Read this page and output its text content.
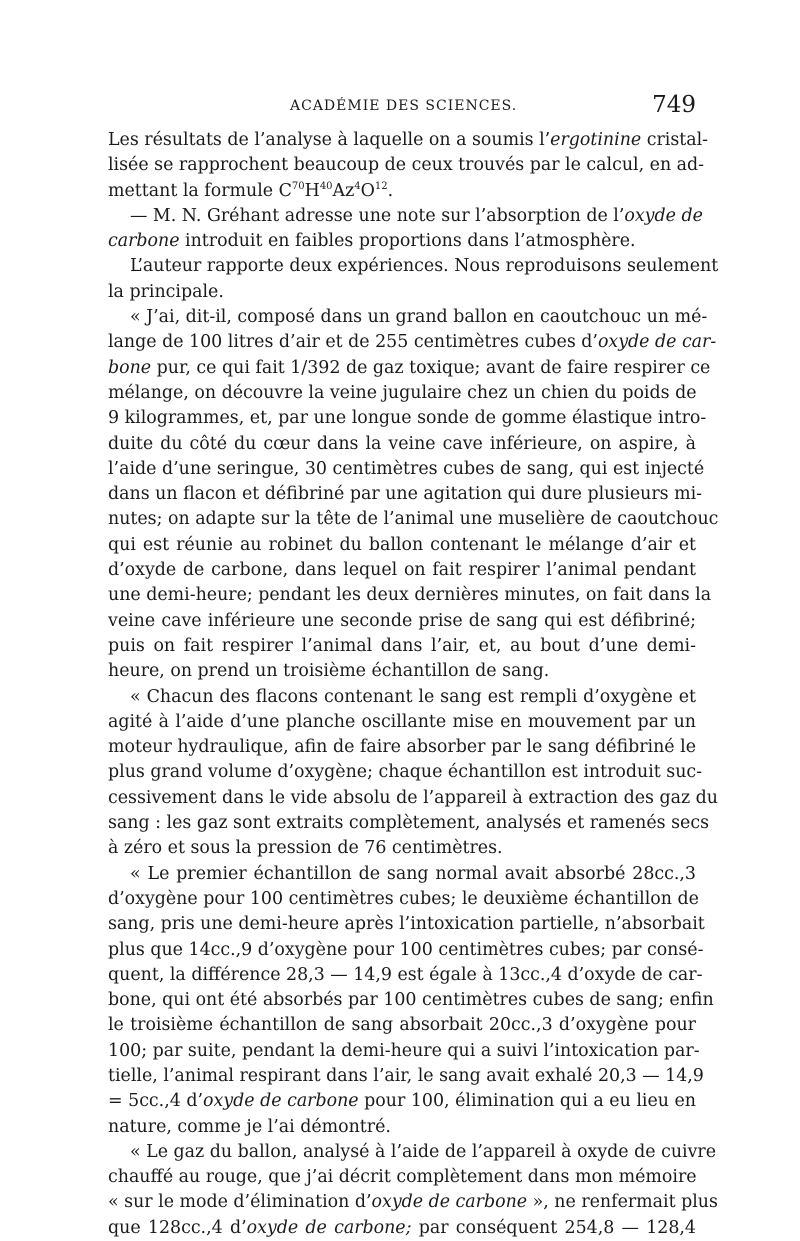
ACADÉMIE DES SCIENCES.	749
Les résultats de l’analyse à laquelle on a soumis l’ergotinine cristal-
lisée se rapprochent beaucoup de ceux trouvés par le calcul, en ad-
mettant la formule $C^{70}H^{40}Az^4O^{12}$.
— M. N. Gréhant adresse une note sur l’absorption de l’oxyde de
carbone introduit en faibles proportions dans l’atmosphère.
L’auteur rapporte deux expériences. Nous reproduisons seulement
la principale.
« J’ai, dit-il, composé dans un grand ballon en caoutchouc un mé-
lange de 100 litres d’air et de 255 centimètres cubes d’oxyde de car-
bone pur, ce qui fait 1/392 de gaz toxique; avant de faire respirer ce
mélange, on découvre la veine jugulaire chez un chien du poids de
9 kilogrammes, et, par une longue sonde de gomme élastique intro-
duite du côté du cœur dans la veine cave inférieure, on aspire, à
l’aide d’une seringue, 30 centimètres cubes de sang, qui est injecté
dans un flacon et défibriné par une agitation qui dure plusieurs mi-
nutes; on adapte sur la tête de l’animal une muselière de caoutchouc
qui est réunie au robinet du ballon contenant le mélange d’air et
d’oxyde de carbone, dans lequel on fait respirer l’animal pendant
une demi-heure; pendant les deux dernières minutes, on fait dans la
veine cave inférieure une seconde prise de sang qui est défibriné;
puis on fait respirer l’animal dans l’air, et, au bout d’une demi-
heure, on prend un troisième échantillon de sang.
« Chacun des flacons contenant le sang est rempli d’oxygène et
agité à l’aide d’une planche oscillante mise en mouvement par un
moteur hydraulique, afin de faire absorber par le sang défibriné le
plus grand volume d’oxygène; chaque échantillon est introduit suc-
cessivement dans le vide absolu de l’appareil à extraction des gaz du
sang : les gaz sont extraits complètement, analysés et ramenés secs
à zéro et sous la pression de 76 centimètres.
« Le premier échantillon de sang normal avait absorbé 28cc.,3
d’oxygène pour 100 centimètres cubes; le deuxième échantillon de
sang, pris une demi-heure après l’intoxication partielle, n’absorbait
plus que 14cc.,9 d’oxygène pour 100 centimètres cubes; par consé-
quent, la différence 28,3 — 14,9 est égale à 13cc.,4 d’oxyde de car-
bone, qui ont été absorbés par 100 centimètres cubes de sang; enfin
le troisième échantillon de sang absorbait 20cc.,3 d’oxygène pour
100; par suite, pendant la demi-heure qui a suivi l’intoxication par-
tielle, l’animal respirant dans l’air, le sang avait exhalé 20,3 — 14,9
= 5cc.,4 d’oxyde de carbone pour 100, élimination qui a eu lieu en
nature, comme je l’ai démontré.
« Le gaz du ballon, analysé à l’aide de l’appareil à oxyde de cuivre
chauffé au rouge, que j’ai décrit complètement dans mon mémoire
« sur le mode d’élimination d’oxyde de carbone », ne renfermait plus
que 128cc.,4 d’oxyde de carbone; par conséquent 254,8 — 128,4
